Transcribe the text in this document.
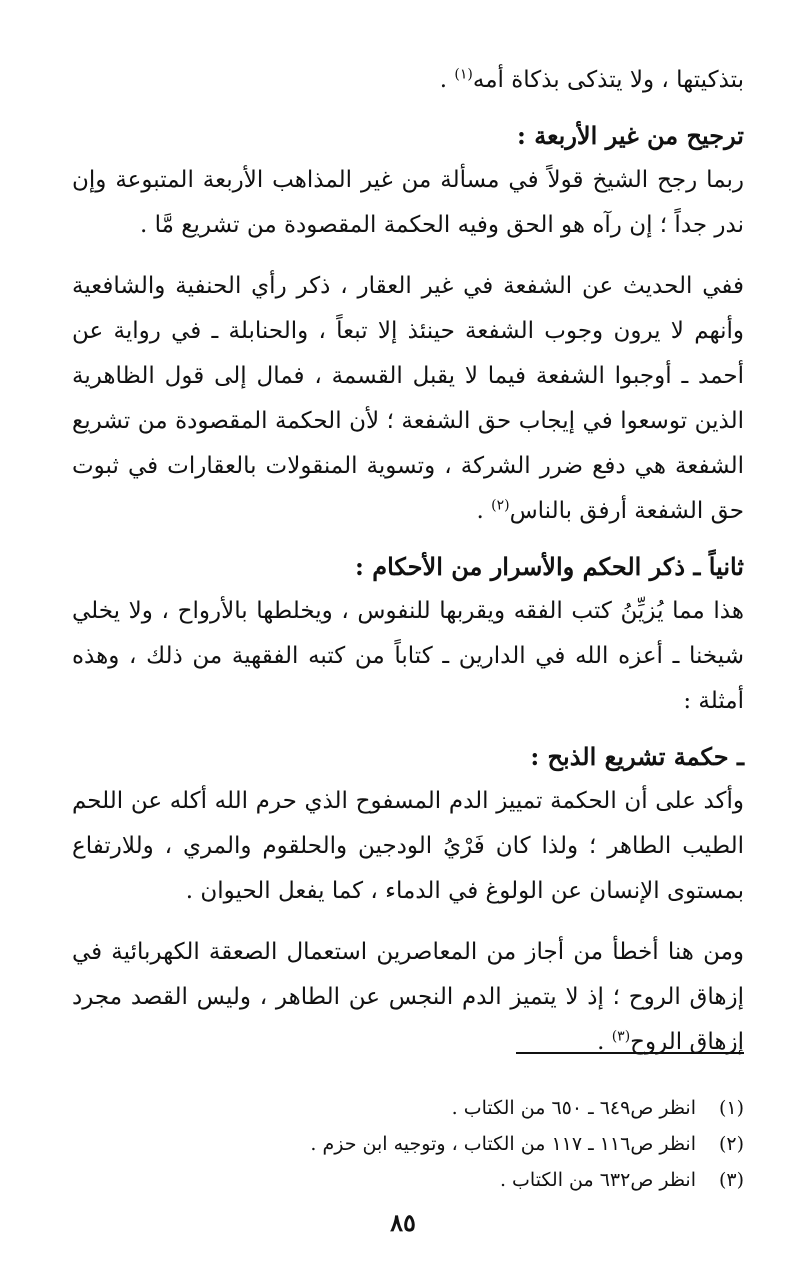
بتذكيتها ، ولا يتذكى بذكاة أمه$^{(١)}$ .

ترجيح من غير الأربعة :

ربما رجح الشيخ قولاً في مسألة من غير المذاهب الأربعة المتبوعة وإن ندر جداً ؛ إن رآه هو الحق وفيه الحكمة المقصودة من تشريع مَّا .

ففي الحديث عن الشفعة في غير العقار ، ذكر رأي الحنفية والشافعية وأنهم لا يرون وجوب الشفعة حينئذ إلا تبعاً ، والحنابلة ـ في رواية عن أحمد ـ أوجبوا الشفعة فيما لا يقبل القسمة ، فمال إلى قول الظاهرية الذين توسعوا في إيجاب حق الشفعة ؛ لأن الحكمة المقصودة من تشريع الشفعة هي دفع ضرر الشركة ، وتسوية المنقولات بالعقارات في ثبوت حق الشفعة أرفق بالناس$^{(٢)}$ .

ثانياً ـ ذكر الحكم والأسرار من الأحكام :

هذا مما يُزيِّنُ كتب الفقه ويقربها للنفوس ، ويخلطها بالأرواح ، ولا يخلي شيخنا ـ أعزه الله في الدارين ـ كتاباً من كتبه الفقهية من ذلك ، وهذه أمثلة :

ـ حكمة تشريع الذبح :

وأكد على أن الحكمة تمييز الدم المسفوح الذي حرم الله أكله عن اللحم الطيب الطاهر ؛ ولذا كان فَرْيُ الودجين والحلقوم والمري ، وللارتفاع بمستوى الإنسان عن الولوغ في الدماء ، كما يفعل الحيوان .

ومن هنا أخطأ من أجاز من المعاصرين استعمال الصعقة الكهربائية في إزهاق الروح ؛ إذ لا يتميز الدم النجس عن الطاهر ، وليس القصد مجرد إزهاق الروح$^{(٣)}$ .

(١)
انظر ص٦٤٩ ـ ٦٥٠ من الكتاب .
(٢)
انظر ص١١٦ ـ ١١٧ من الكتاب ، وتوجيه ابن حزم .
(٣)
انظر ص٦٣٢ من الكتاب .
٨٥
